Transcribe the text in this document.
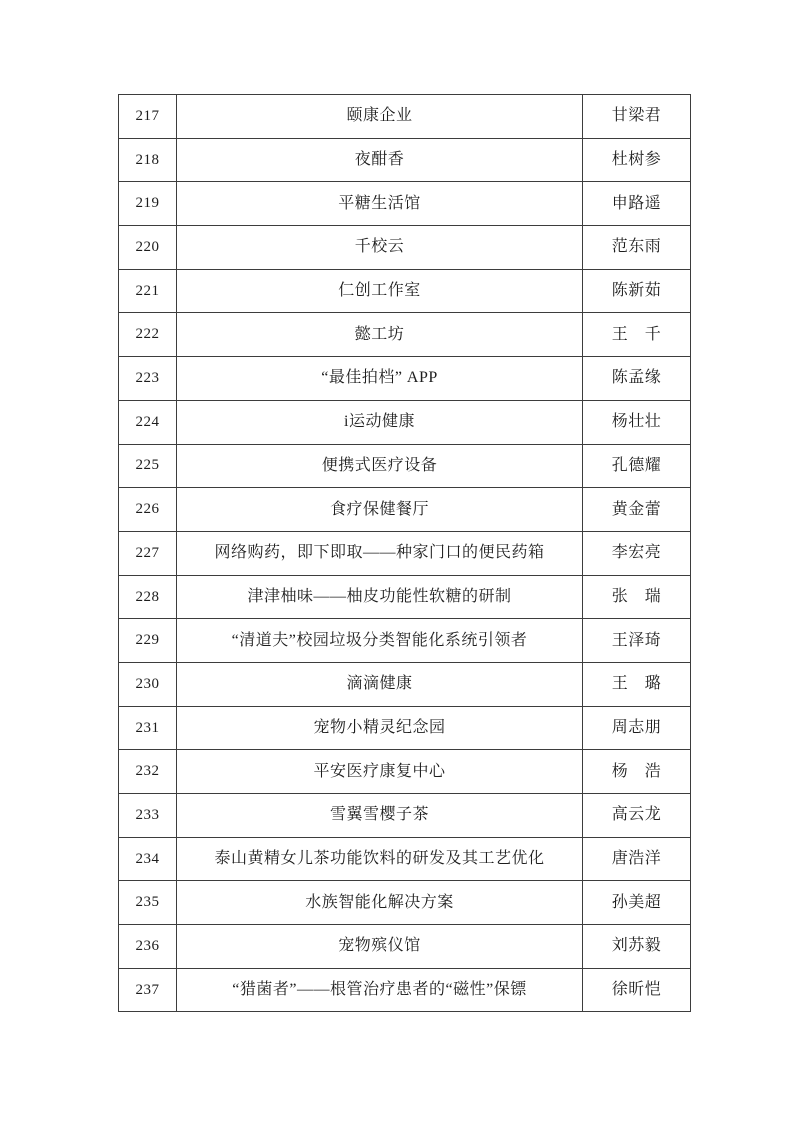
217	颐康企业	甘梁君
218	夜酣香	杜树参
219	平糖生活馆	申路遥
220	千校云	范东雨
221	仁创工作室	陈新茹
222	懿工坊	王　千
223	“最佳拍档” APP	陈孟缘
224	i运动健康	杨壮壮
225	便携式医疗设备	孔德耀
226	食疗保健餐厅	黄金蕾
227	网络购药，即下即取——种家门口的便民药箱	李宏亮
228	津津柚味——柚皮功能性软糖的研制	张　瑞
229	“清道夫”校园垃圾分类智能化系统引领者	王泽琦
230	滴滴健康	王　璐
231	宠物小精灵纪念园	周志朋
232	平安医疗康复中心	杨　浩
233	雪翼雪樱子茶	高云龙
234	泰山黄精女儿茶功能饮料的研发及其工艺优化	唐浩洋
235	水族智能化解决方案	孙美超
236	宠物殡仪馆	刘苏毅
237	“猎菌者”——根管治疗患者的“磁性”保镖	徐昕恺
